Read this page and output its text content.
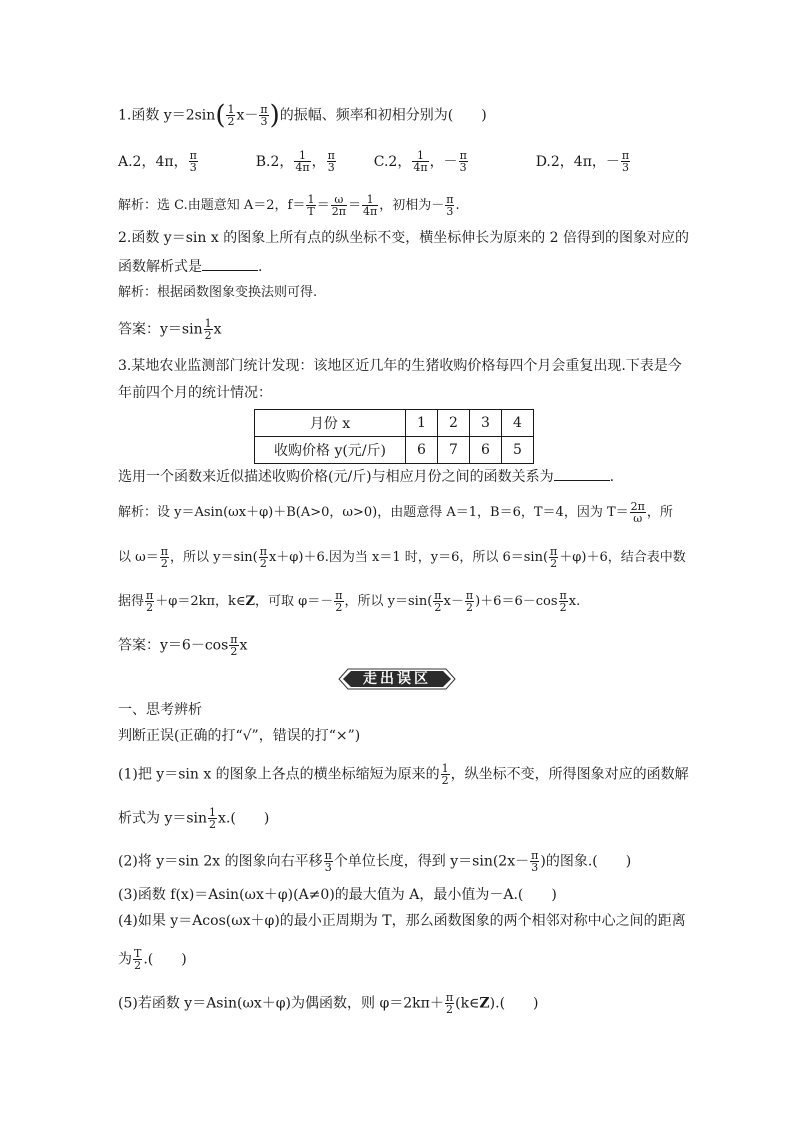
1.函数 $y=2\sin( \frac{1}{2} x- \frac{\pi}{3}$ )的振幅、频率和初相分别为(　　)
A.2，4π， $\frac{\pi}{3}$	B.2， $\frac{1}{4\pi}$ ， $\frac{\pi}{3}$	C.2， $\frac{1}{4\pi}$ ，－ $\frac{\pi}{3}$	D.2，4π，－ $\frac{\pi}{3}$
解析：选 C.由题意知 A＝2，$f= \frac{1}{T} = \frac{\omega}{2\pi} = \frac{1}{4\pi}$ ，初相为－ $\frac{\pi}{3}$ .
2.函数 y＝sin x 的图象上所有点的纵坐标不变，横坐标伸长为原来的 2 倍得到的图象对应的
函数解析式是	.
解析：根据函数图象变换法则可得.
答案：$y=\sin \frac{1}{2}$ x
3.某地农业监测部门统计发现：该地区近几年的生猪收购价格每四个月会重复出现.下表是今
年前四个月的统计情况：
月份 x	1	2	3	4
收购价格 y(元/斤)	6	7	6	5
选用一个函数来近似描述收购价格(元/斤)与相应月份之间的函数关系为	.
解析：设 y＝Asin(ωx＋φ)＋B(A>0，ω>0)，由题意得 A＝1，B＝6，T＝4，因为 $T= \frac{2\pi}{\omega}$ ，所
以 $\omega= \frac{\pi}{2}$ ，所以 $y=\sin( \frac{\pi}{2} x+\varphi)+6$.因为当 x＝1 时，y＝6，所以 $6=\sin( \frac{\pi}{2} +\varphi)+6$，结合表中数
据得 $\frac{\pi}{2} +\varphi=2k\pi$，k∈Z，可取 $\varphi=- \frac{\pi}{2}$ ，所以 $y=\sin( \frac{\pi}{2} x- \frac{\pi}{2} )+6=6-\cos \frac{\pi}{2} x$.
答案：$y=6-\cos \frac{\pi}{2}$ x
走出误区
一、思考辨析
判断正误(正确的打“√”，错误的打“×”)
(1)把 y＝sin x 的图象上各点的横坐标缩短为原来的 $\frac{1}{2}$ ，纵坐标不变，所得图象对应的函数解
析式为 $y=\sin \frac{1}{2} x$.(　　)
(2)将 y＝sin 2x 的图象向右平移 $\frac{\pi}{3}$ 个单位长度，得到 $y=\sin(2x- \frac{\pi}{3}$ )的图象.(　　)
(3)函数 f(x)＝Asin(ωx＋φ)(A≠0)的最大值为 A，最小值为－A.(　　)
(4)如果 y＝Acos(ωx＋φ)的最小正周期为 T，那么函数图象的两个相邻对称中心之间的距离
为 $\frac{T}{2}$ .(　　)
(5)若函数 y＝Asin(ωx＋φ)为偶函数，则 $\varphi=2k\pi+ \frac{\pi}{2}$ (k∈Z).(　　)
